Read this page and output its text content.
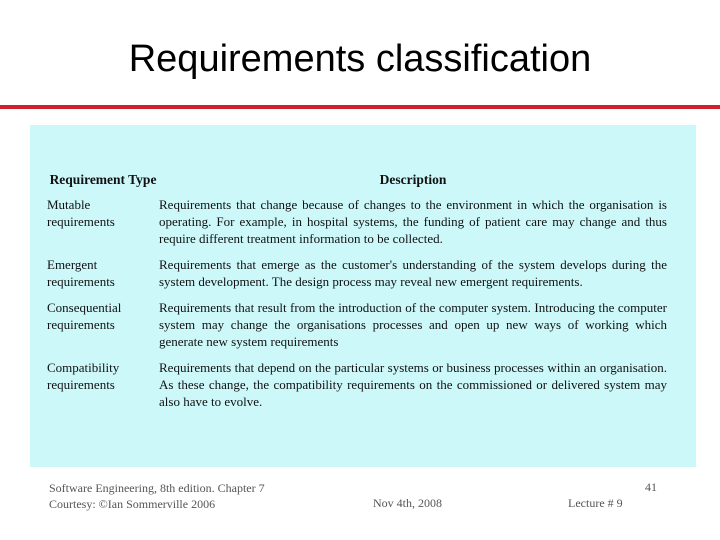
Requirements classification
Requirement Type	Description
Mutable requirements	Requirements that change because of changes to the environment in which the organisation is operating. For example, in hospital systems, the funding of patient care may change and thus require different treatment information to be collected.
Emergent requirements	Requirements that emerge as the customer's understanding of the system develops during the system development. The design process may reveal new emergent requirements.
Consequential requirements	Requirements that result from the introduction of the computer system. Introducing the computer system may change the organisations processes and open up new ways of working which generate new system requirements
Compatibility requirements	Requirements that depend on the particular systems or business processes within an organisation. As these change, the compatibility requirements on the commissioned or delivered system may also have to evolve.
Software Engineering, 8th edition. Chapter 7
Courtesy: ©Ian Sommerville 2006	Nov 4th, 2008	Lecture # 9
41
